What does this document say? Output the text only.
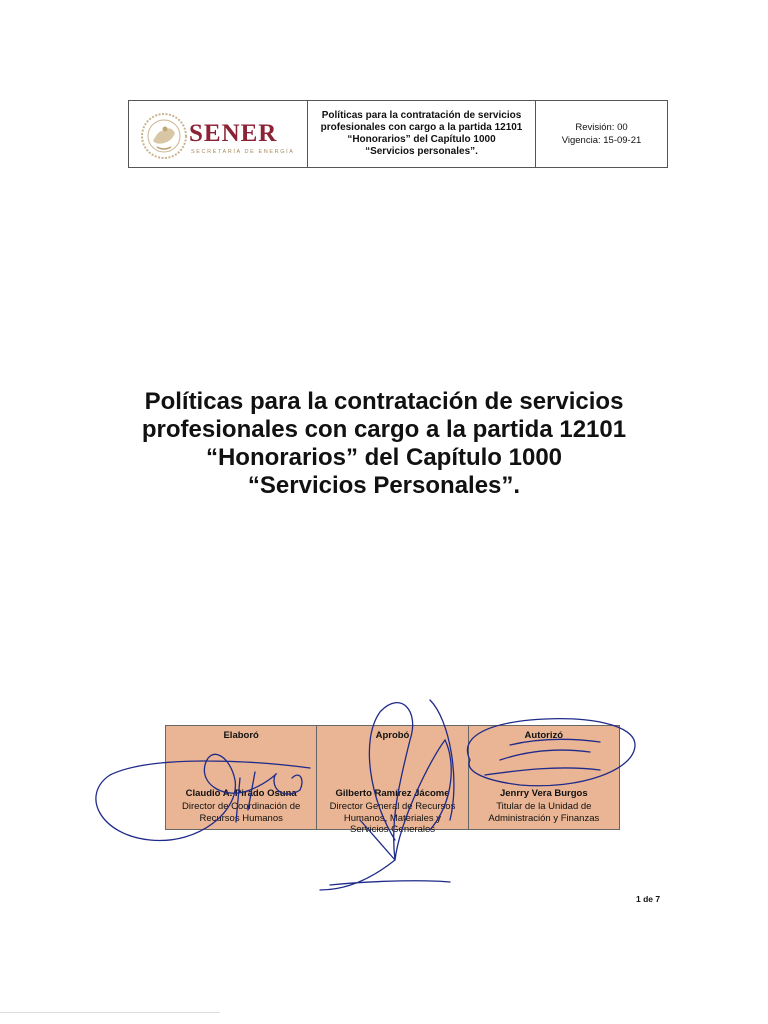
SENER
SECRETARÍA DE ENERGÍA
Políticas para la contratación de servicios
profesionales con cargo a la partida 12101
“Honorarios” del Capítulo 1000
“Servicios personales”.
Revisión: 00
Vigencia: 15-09-21
Políticas para la contratación de servicios
profesionales con cargo a la partida 12101
“Honorarios” del Capítulo 1000
“Servicios Personales”.
Elaboró
Claudio A. Pirado Osuna
Director de Coordinación de
Recursos Humanos
Aprobó
Gilberto Ramírez Jácome
Director General de Recursos
Humanos, Materiales y
Servicios Generales
Autorizó
Jenrry Vera Burgos
Titular de la Unidad de
Administración y Finanzas
1 de 7
